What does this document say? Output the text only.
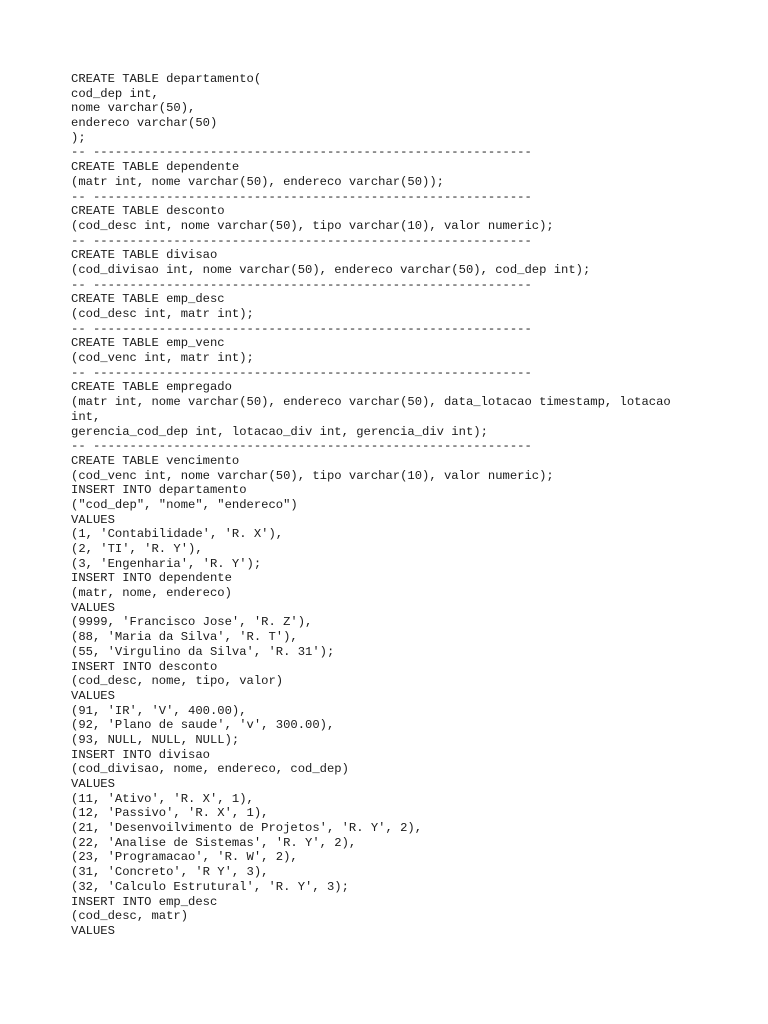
CREATE TABLE departamento(
cod_dep int,
nome varchar(50),
endereco varchar(50)
);
-- ------------------------------------------------------------
CREATE TABLE dependente
(matr int, nome varchar(50), endereco varchar(50));
-- ------------------------------------------------------------
CREATE TABLE desconto
(cod_desc int, nome varchar(50), tipo varchar(10), valor numeric);
-- ------------------------------------------------------------
CREATE TABLE divisao
(cod_divisao int, nome varchar(50), endereco varchar(50), cod_dep int);
-- ------------------------------------------------------------
CREATE TABLE emp_desc
(cod_desc int, matr int);
-- ------------------------------------------------------------
CREATE TABLE emp_venc
(cod_venc int, matr int);
-- ------------------------------------------------------------
CREATE TABLE empregado
(matr int, nome varchar(50), endereco varchar(50), data_lotacao timestamp, lotacao
int,
gerencia_cod_dep int, lotacao_div int, gerencia_div int);
-- ------------------------------------------------------------
CREATE TABLE vencimento
(cod_venc int, nome varchar(50), tipo varchar(10), valor numeric);
INSERT INTO departamento
("cod_dep", "nome", "endereco")
VALUES
(1, 'Contabilidade', 'R. X'),
(2, 'TI', 'R. Y'),
(3, 'Engenharia', 'R. Y');
INSERT INTO dependente
(matr, nome, endereco)
VALUES
(9999, 'Francisco Jose', 'R. Z'),
(88, 'Maria da Silva', 'R. T'),
(55, 'Virgulino da Silva', 'R. 31');
INSERT INTO desconto
(cod_desc, nome, tipo, valor)
VALUES
(91, 'IR', 'V', 400.00),
(92, 'Plano de saude', 'v', 300.00),
(93, NULL, NULL, NULL);
INSERT INTO divisao
(cod_divisao, nome, endereco, cod_dep)
VALUES
(11, 'Ativo', 'R. X', 1),
(12, 'Passivo', 'R. X', 1),
(21, 'Desenvoilvimento de Projetos', 'R. Y', 2),
(22, 'Analise de Sistemas', 'R. Y', 2),
(23, 'Programacao', 'R. W', 2),
(31, 'Concreto', 'R Y', 3),
(32, 'Calculo Estrutural', 'R. Y', 3);
INSERT INTO emp_desc
(cod_desc, matr)
VALUES
